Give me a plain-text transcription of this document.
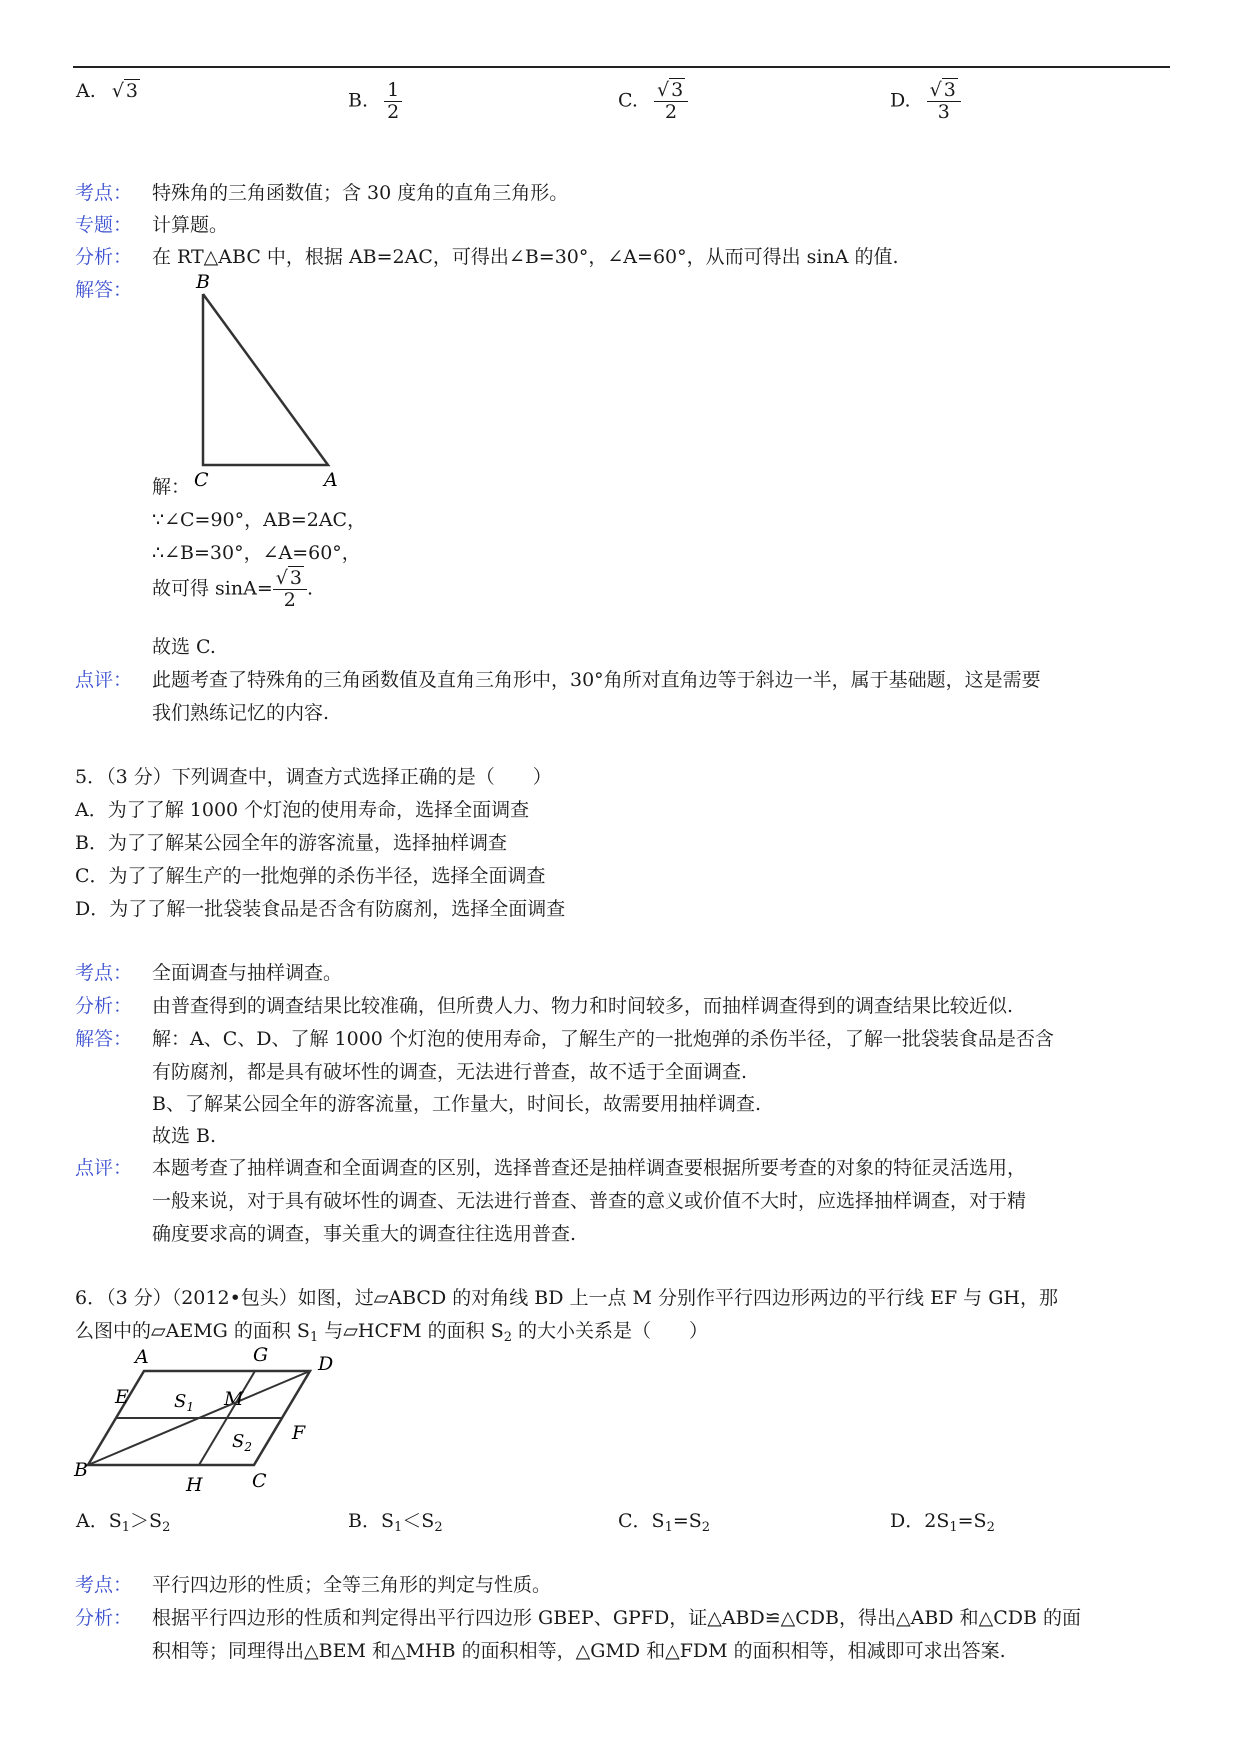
A. √ 3	B. $\frac{1}{2}$	C. $\frac{√ 3}{2}$	D. $\frac{√ 3}{3}$
考点： 特殊角的三角函数值；含 30 度角的直角三角形。
专题： 计算题。
分析： 在 RT△ABC 中，根据 AB=2AC，可得出∠B=30°，∠A=60°，从而可得出 sinA 的值.
解答：	B
C	A
解：
∵∠C=90°，AB=2AC，
∴∠B=30°，∠A=60°，
故可得 $\sin A= \frac{√ 3}{2}$ .
故选 C.
点评： 此题考查了特殊角的三角函数值及直角三角形中，30°角所对直角边等于斜边一半，属于基础题，这是需要
我们熟练记忆的内容.
5．（3 分）下列调查中，调查方式选择正确的是（　　）
A．为了了解 1000 个灯泡的使用寿命，选择全面调查
B．为了了解某公园全年的游客流量，选择抽样调查
C．为了了解生产的一批炮弹的杀伤半径，选择全面调查
D．为了了解一批袋装食品是否含有防腐剂，选择全面调查
考点： 全面调查与抽样调查。
分析： 由普查得到的调查结果比较准确，但所费人力、物力和时间较多，而抽样调查得到的调查结果比较近似.
解答： 解：A、C、D、了解 1000 个灯泡的使用寿命，了解生产的一批炮弹的杀伤半径，了解一批袋装食品是否含
有防腐剂，都是具有破坏性的调查，无法进行普查，故不适于全面调查.
B、了解某公园全年的游客流量，工作量大，时间长，故需要用抽样调查.
故选 B.
点评： 本题考查了抽样调查和全面调查的区别，选择普查还是抽样调查要根据所要考查的对象的特征灵活选用，
一般来说，对于具有破坏性的调查、无法进行普查、普查的意义或价值不大时，应选择抽样调查，对于精
确度要求高的调查，事关重大的调查往往选用普查.
6．（3 分）（2012•包头）如图，过▱ABCD 的对角线 BD 上一点 M 分别作平行四边形两边的平行线 EF 与 GH，那
么图中的▱AEMG 的面积 $S_1$ 与▱HCFM 的面积 $S_2$ 的大小关系是（　　）
A	G	D
E	$S_1$ M
F
$S_2$
B
H	C
A．$S_1>S_2$	B．$S_1<S_2$	C．$S_1=S_2$	D．$2S_1=S_2$
考点： 平行四边形的性质；全等三角形的判定与性质。
分析： 根据平行四边形的性质和判定得出平行四边形 GBEP、GPFD，证△ABD≌△CDB，得出△ABD 和△CDB 的面
积相等；同理得出△BEM 和△MHB 的面积相等，△GMD 和△FDM 的面积相等，相减即可求出答案.
